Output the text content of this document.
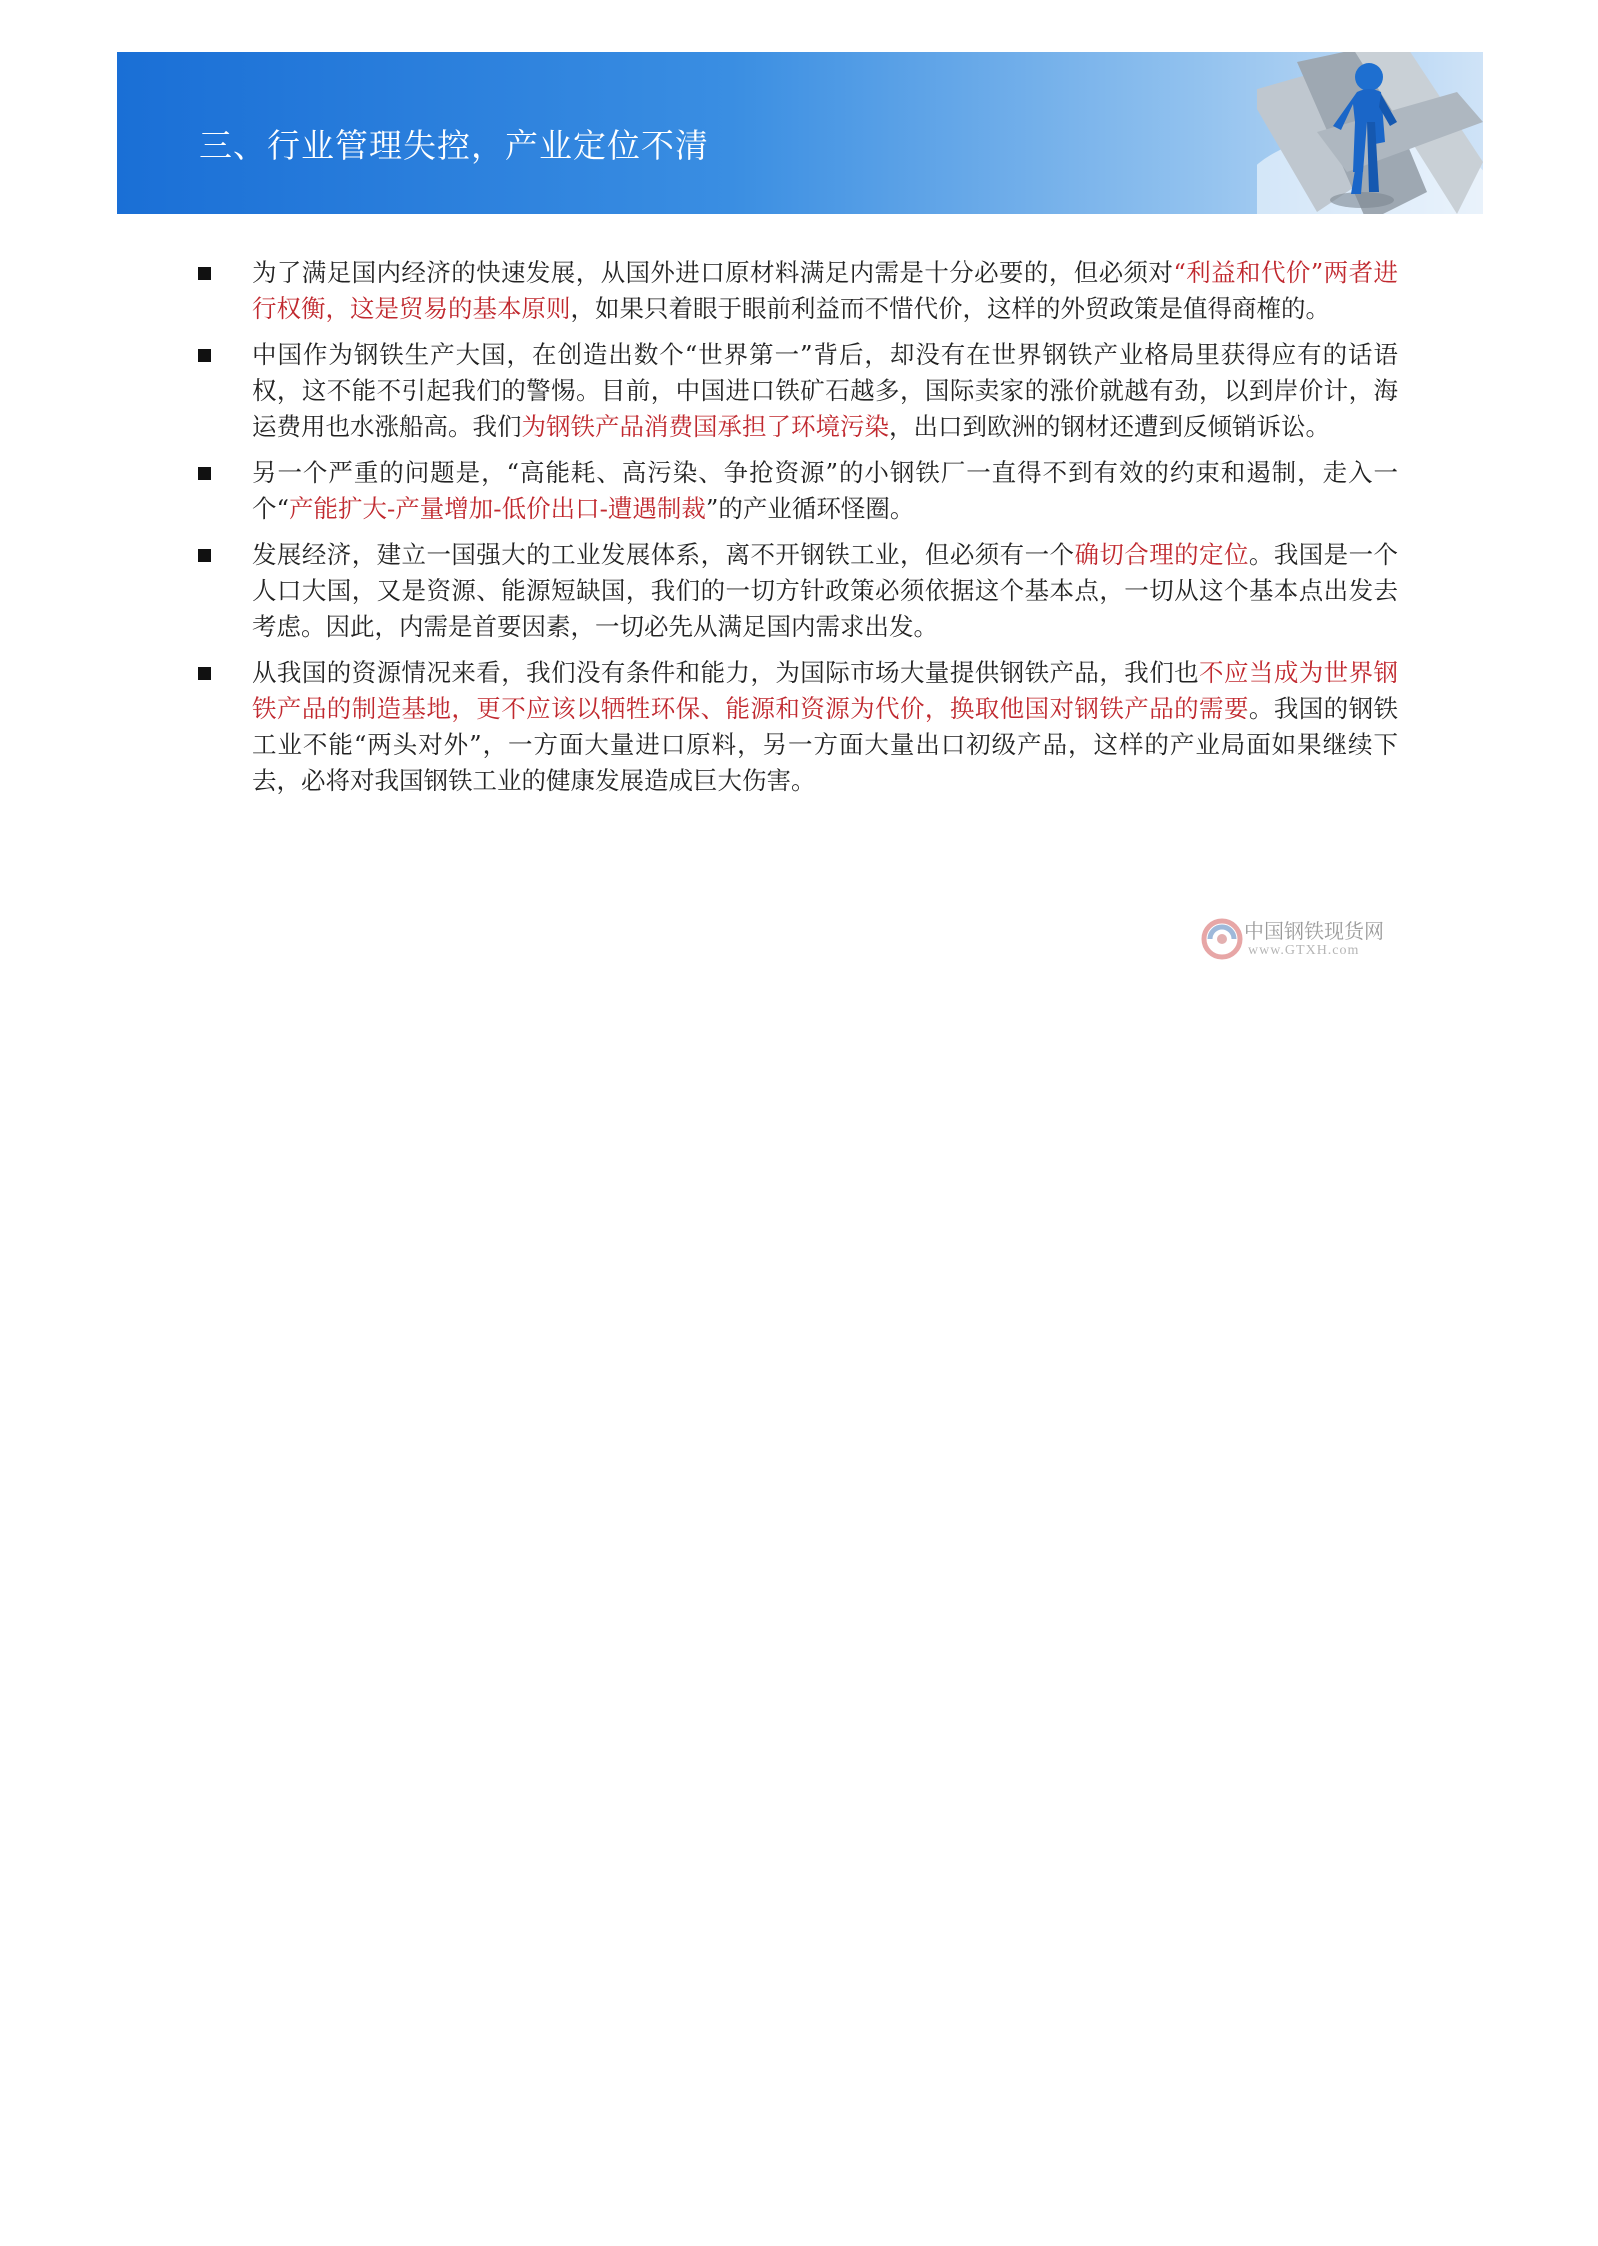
三、行业管理失控，产业定位不清
为了满足国内经济的快速发展，从国外进口原材料满足内需是十分必要的，但必须对“利益和代价”两者进行权衡，这是贸易的基本原则，如果只着眼于眼前利益而不惜代价，这样的外贸政策是值得商榷的。
中国作为钢铁生产大国，在创造出数个“世界第一”背后，却没有在世界钢铁产业格局里获得应有的话语权，这不能不引起我们的警惕。目前，中国进口铁矿石越多，国际卖家的涨价就越有劲，以到岸价计，海运费用也水涨船高。我们为钢铁产品消费国承担了环境污染，出口到欧洲的钢材还遭到反倾销诉讼。
另一个严重的问题是，“高能耗、高污染、争抢资源”的小钢铁厂一直得不到有效的约束和遏制，走入一个“产能扩大-产量增加-低价出口-遭遇制裁”的产业循环怪圈。
发展经济，建立一国强大的工业发展体系，离不开钢铁工业，但必须有一个确切合理的定位。我国是一个人口大国，又是资源、能源短缺国，我们的一切方针政策必须依据这个基本点，一切从这个基本点出发去考虑。因此，内需是首要因素，一切必先从满足国内需求出发。
从我国的资源情况来看，我们没有条件和能力，为国际市场大量提供钢铁产品，我们也不应当成为世界钢铁产品的制造基地，更不应该以牺牲环保、能源和资源为代价，换取他国对钢铁产品的需要。我国的钢铁工业不能“两头对外”，一方面大量进口原料，另一方面大量出口初级产品，这样的产业局面如果继续下去，必将对我国钢铁工业的健康发展造成巨大伤害。
中国钢铁现货网
www.GTXH.com
